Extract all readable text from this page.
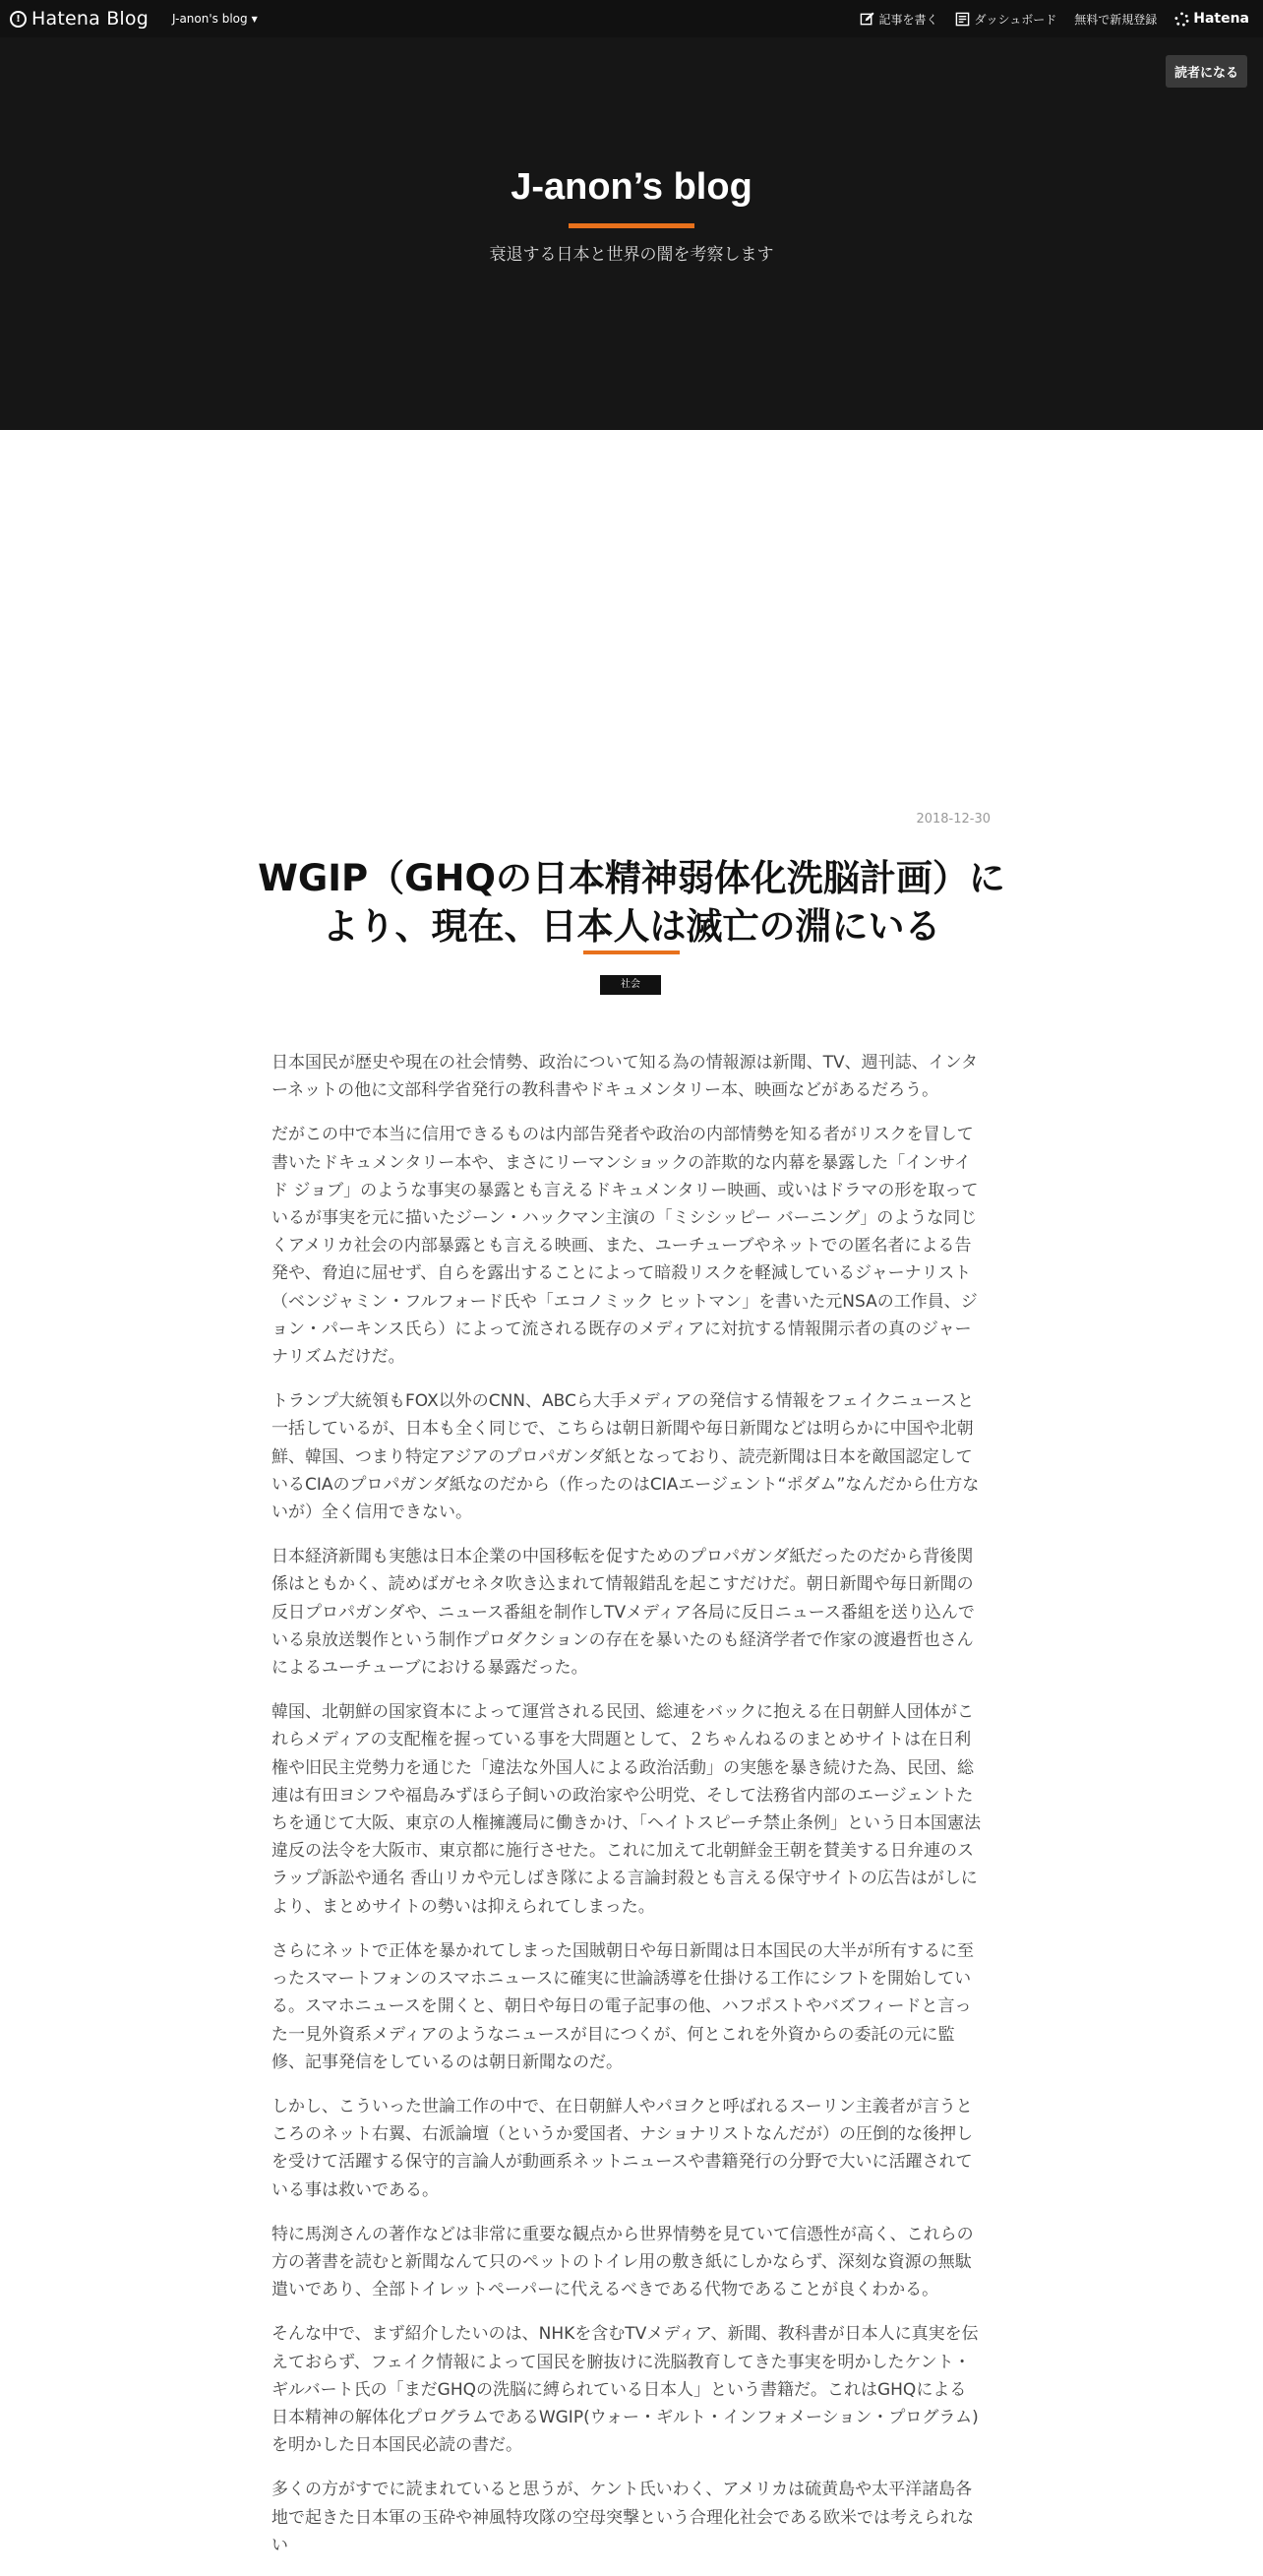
! Hatena Blog J-anon's blog ▼	記事を書く	ダッシュボード 無料で新規登録	Hatena
読者になる
J-anon’s blog
衰退する日本と世界の闇を考察します
2018-12-30
WGIP（GHQの日本精神弱体化洗脳計画）により、現在、日本人は滅亡の淵にいる
社会

日本国民が歴史や現在の社会情勢、政治について知る為の情報源は新聞、TV、週刊誌、インターネットの他に文部科学省発行の教科書やドキュメンタリー本、映画などがあるだろう。

だがこの中で本当に信用できるものは内部告発者や政治の内部情勢を知る者がリスクを冒して書いたドキュメンタリー本や、まさにリーマンショックの詐欺的な内幕を暴露した「インサイド ジョブ」のような事実の暴露とも言えるドキュメンタリー映画、或いはドラマの形を取っているが事実を元に描いたジーン・ハックマン主演の「ミシシッピー バーニング」のような同じくアメリカ社会の内部暴露とも言える映画、また、ユーチューブやネットでの匿名者による告発や、脅迫に屈せず、自らを露出することによって暗殺リスクを軽減しているジャーナリスト（ベンジャミン・フルフォード氏や「エコノミック ヒットマン」を書いた元NSAの工作員、ジョン・パーキンス氏ら）によって流される既存のメディアに対抗する情報開示者の真のジャーナリズムだけだ。

トランプ大統領もFOX以外のCNN、ABCら大手メディアの発信する情報をフェイクニュースと一括しているが、日本も全く同じで、こちらは朝日新聞や毎日新聞などは明らかに中国や北朝鮮、韓国、つまり特定アジアのプロパガンダ紙となっており、読売新聞は日本を敵国認定しているCIAのプロパガンダ紙なのだから（作ったのはCIAエージェント“ポダム”なんだから仕方ないが）全く信用できない。

日本経済新聞も実態は日本企業の中国移転を促すためのプロパガンダ紙だったのだから背後関係はともかく、読めばガセネタ吹き込まれて情報錯乱を起こすだけだ。朝日新聞や毎日新聞の反日プロパガンダや、ニュース番組を制作しTVメディア各局に反日ニュース番組を送り込んでいる泉放送製作という制作プロダクションの存在を暴いたのも経済学者で作家の渡邉哲也さんによるユーチューブにおける暴露だった。

韓国、北朝鮮の国家資本によって運営される民団、総連をバックに抱える在日朝鮮人団体がこれらメディアの支配権を握っている事を大問題として、２ちゃんねるのまとめサイトは在日利権や旧民主党勢力を通じた「違法な外国人による政治活動」の実態を暴き続けた為、民団、総連は有田ヨシフや福島みずほら子飼いの政治家や公明党、そして法務省内部のエージェントたちを通じて大阪、東京の人権擁護局に働きかけ、「ヘイトスピーチ禁止条例」という日本国憲法違反の法令を大阪市、東京都に施行させた。これに加えて北朝鮮金王朝を賛美する日弁連のスラップ訴訟や通名 香山リカや元しばき隊による言論封殺とも言える保守サイトの広告はがしにより、まとめサイトの勢いは抑えられてしまった。

さらにネットで正体を暴かれてしまった国賊朝日や毎日新聞は日本国民の大半が所有するに至ったスマートフォンのスマホニュースに確実に世論誘導を仕掛ける工作にシフトを開始している。スマホニュースを開くと、朝日や毎日の電子記事の他、ハフポストやバズフィードと言った一見外資系メディアのようなニュースが目につくが、何とこれを外資からの委託の元に監修、記事発信をしているのは朝日新聞なのだ。

しかし、こういった世論工作の中で、在日朝鮮人やパヨクと呼ばれるスーリン主義者が言うところのネット右翼、右派論壇（というか愛国者、ナショナリストなんだが）の圧倒的な後押しを受けて活躍する保守的言論人が動画系ネットニュースや書籍発行の分野で大いに活躍されている事は救いである。

特に馬渕さんの著作などは非常に重要な観点から世界情勢を見ていて信憑性が高く、これらの方の著書を読むと新聞なんて只のペットのトイレ用の敷き紙にしかならず、深刻な資源の無駄遣いであり、全部トイレットペーパーに代えるべきである代物であることが良くわかる。

そんな中で、まず紹介したいのは、NHKを含むTVメディア、新聞、教科書が日本人に真実を伝えておらず、フェイク情報によって国民を腑抜けに洗脳教育してきた事実を明かしたケント・ギルバート氏の「まだGHQの洗脳に縛られている日本人」という書籍だ。これはGHQによる日本精神の解体化プログラムであるWGIP(ウォー・ギルト・インフォメーション・プログラム)を明かした日本国民必読の書だ。

多くの方がすでに読まれていると思うが、ケント氏いわく、アメリカは硫黄島や太平洋諸島各地で起きた日本軍の玉砕や神風特攻隊の空母突撃という合理化社会である欧米では考えられない
